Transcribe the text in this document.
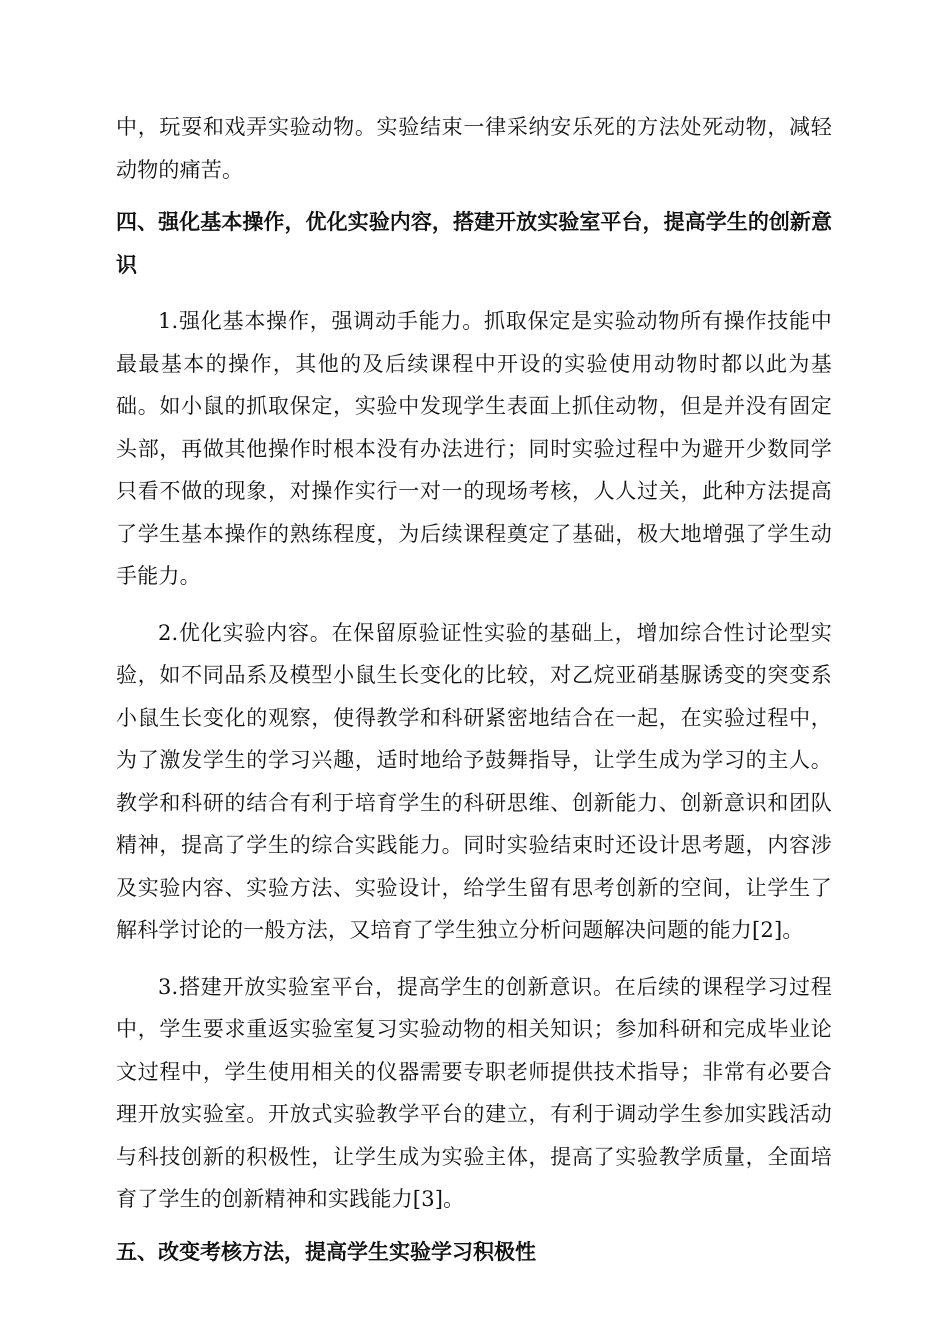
中，玩耍和戏弄实验动物。实验结束一律采纳安乐死的方法处死动物，减轻动物的痛苦。

四、强化基本操作，优化实验内容，搭建开放实验室平台，提高学生的创新意识

1.强化基本操作，强调动手能力。抓取保定是实验动物所有操作技能中最最基本的操作，其他的及后续课程中开设的实验使用动物时都以此为基础。如小鼠的抓取保定，实验中发现学生表面上抓住动物，但是并没有固定头部，再做其他操作时根本没有办法进行；同时实验过程中为避开少数同学只看不做的现象，对操作实行一对一的现场考核，人人过关，此种方法提高了学生基本操作的熟练程度，为后续课程奠定了基础，极大地增强了学生动手能力。

2.优化实验内容。在保留原验证性实验的基础上，增加综合性讨论型实验，如不同品系及模型小鼠生长变化的比较，对乙烷亚硝基脲诱变的突变系小鼠生长变化的观察，使得教学和科研紧密地结合在一起，在实验过程中，为了激发学生的学习兴趣，适时地给予鼓舞指导，让学生成为学习的主人。教学和科研的结合有利于培育学生的科研思维、创新能力、创新意识和团队精神，提高了学生的综合实践能力。同时实验结束时还设计思考题，内容涉及实验内容、实验方法、实验设计，给学生留有思考创新的空间，让学生了解科学讨论的一般方法，又培育了学生独立分析问题解决问题的能力[2]。

3.搭建开放实验室平台，提高学生的创新意识。在后续的课程学习过程中，学生要求重返实验室复习实验动物的相关知识；参加科研和完成毕业论文过程中，学生使用相关的仪器需要专职老师提供技术指导；非常有必要合理开放实验室。开放式实验教学平台的建立，有利于调动学生参加实践活动与科技创新的积极性，让学生成为实验主体，提高了实验教学质量，全面培育了学生的创新精神和实践能力[3]。

五、改变考核方法，提高学生实验学习积极性
